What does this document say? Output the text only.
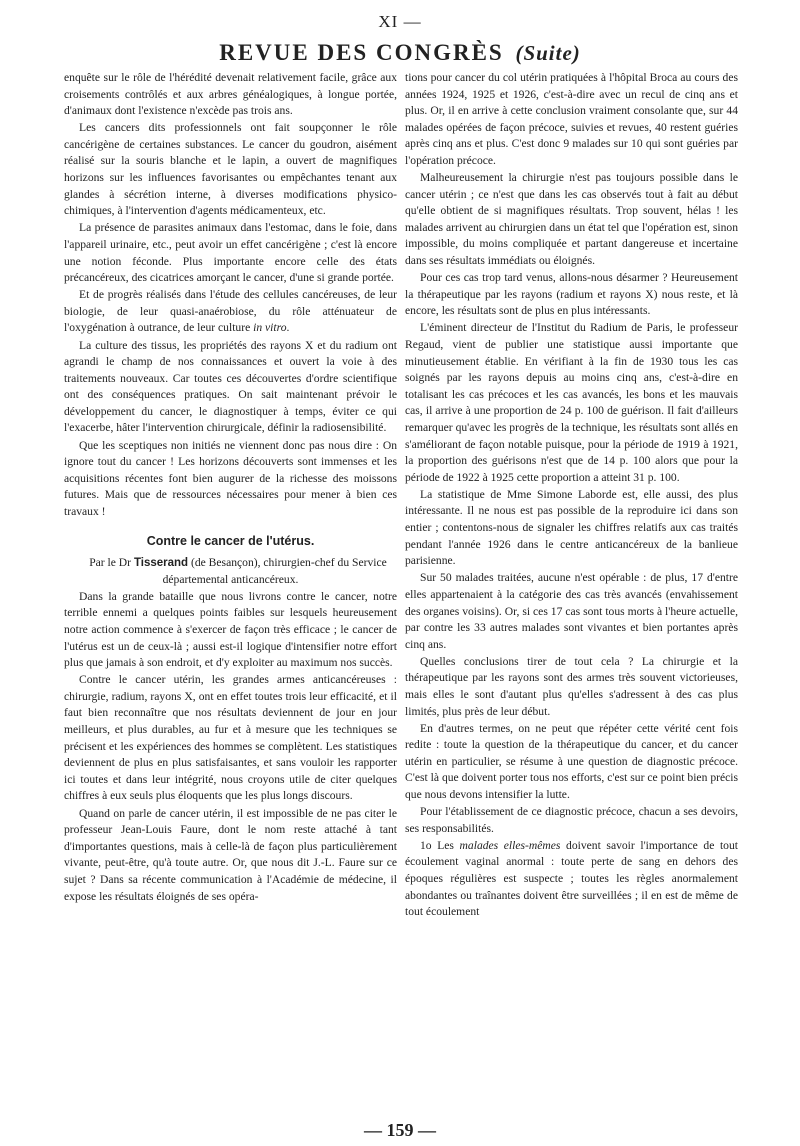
XI —
REVUE DES CONGRÈS (Suite)

enquête sur le rôle de l'hérédité devenait relativement facile, grâce aux croisements contrôlés et aux arbres généalogiques, à longue portée, d'animaux dont l'existence n'excède pas trois ans.

Les cancers dits professionnels ont fait soupçonner le rôle cancérigène de certaines substances. Le cancer du goudron, aisément réalisé sur la souris blanche et le lapin, a ouvert de magnifiques horizons sur les influences favorisantes ou empêchantes tenant aux glandes à sécrétion interne, à diverses modifications physico-chimiques, à l'intervention d'agents médicamenteux, etc.

La présence de parasites animaux dans l'estomac, dans le foie, dans l'appareil urinaire, etc., peut avoir un effet cancérigène ; c'est là encore une notion féconde. Plus importante encore celle des états précancéreux, des cicatrices amorçant le cancer, d'une si grande portée.

Et de progrès réalisés dans l'étude des cellules cancéreuses, de leur biologie, de leur quasi-anaérobiose, du rôle atténuateur de l'oxygénation à outrance, de leur culture in vitro.

La culture des tissus, les propriétés des rayons X et du radium ont agrandi le champ de nos connaissances et ouvert la voie à des traitements nouveaux. Car toutes ces découvertes d'ordre scientifique ont des conséquences pratiques. On sait maintenant prévoir le développement du cancer, le diagnostiquer à temps, éviter ce qui l'exacerbe, hâter l'intervention chirurgicale, définir la radiosensibilité.

Que les sceptiques non initiés ne viennent donc pas nous dire : On ignore tout du cancer ! Les horizons découverts sont immenses et les acquisitions récentes font bien augurer de la richesse des moissons futures. Mais que de ressources nécessaires pour mener à bien ces travaux !

Contre le cancer de l'utérus.

Par le Dr Tisserand (de Besançon), chirurgien-chef du Service départemental anticancéreux.

Dans la grande bataille que nous livrons contre le cancer, notre terrible ennemi a quelques points faibles sur lesquels heureusement notre action commence à s'exercer de façon très efficace ; le cancer de l'utérus est un de ceux-là ; aussi est-il logique d'intensifier notre effort plus que jamais à son endroit, et d'y exploiter au maximum nos succès.

Contre le cancer utérin, les grandes armes anticancéreuses : chirurgie, radium, rayons X, ont en effet toutes trois leur efficacité, et il faut bien reconnaître que nos résultats deviennent de jour en jour meilleurs, et plus durables, au fur et à mesure que les techniques se précisent et les expériences des hommes se complètent. Les statistiques deviennent de plus en plus satisfaisantes, et sans vouloir les rapporter ici toutes et dans leur intégrité, nous croyons utile de citer quelques chiffres à eux seuls plus éloquents que les plus longs discours.

Quand on parle de cancer utérin, il est impossible de ne pas citer le professeur Jean-Louis Faure, dont le nom reste attaché à tant d'importantes questions, mais à celle-là de façon plus particulièrement vivante, peut-être, qu'à toute autre. Or, que nous dit J.-L. Faure sur ce sujet ? Dans sa récente communication à l'Académie de médecine, il expose les résultats éloignés de ses opéra-

tions pour cancer du col utérin pratiquées à l'hôpital Broca au cours des années 1924, 1925 et 1926, c'est-à-dire avec un recul de cinq ans et plus. Or, il en arrive à cette conclusion vraiment consolante que, sur 44 malades opérées de façon précoce, suivies et revues, 40 restent guéries après cinq ans et plus. C'est donc 9 malades sur 10 qui sont guéries par l'opération précoce.

Malheureusement la chirurgie n'est pas toujours possible dans le cancer utérin ; ce n'est que dans les cas observés tout à fait au début qu'elle obtient de si magnifiques résultats. Trop souvent, hélas ! les malades arrivent au chirurgien dans un état tel que l'opération est, sinon impossible, du moins compliquée et partant dangereuse et incertaine dans ses résultats immédiats ou éloignés.

Pour ces cas trop tard venus, allons-nous désarmer ? Heureusement la thérapeutique par les rayons (radium et rayons X) nous reste, et là encore, les résultats sont de plus en plus intéressants.

L'éminent directeur de l'Institut du Radium de Paris, le professeur Regaud, vient de publier une statistique aussi importante que minutieusement établie. En vérifiant à la fin de 1930 tous les cas soignés par les rayons depuis au moins cinq ans, c'est-à-dire en totalisant les cas précoces et les cas avancés, les bons et les mauvais cas, il arrive à une proportion de 24 p. 100 de guérison. Il fait d'ailleurs remarquer qu'avec les progrès de la technique, les résultats sont allés en s'améliorant de façon notable puisque, pour la période de 1919 à 1921, la proportion des guérisons n'est que de 14 p. 100 alors que pour la période de 1922 à 1925 cette proportion a atteint 31 p. 100.

La statistique de Mme Simone Laborde est, elle aussi, des plus intéressante. Il ne nous est pas possible de la reproduire ici dans son entier ; contentons-nous de signaler les chiffres relatifs aux cas traités pendant l'année 1926 dans le centre anticancéreux de la banlieue parisienne.

Sur 50 malades traitées, aucune n'est opérable : de plus, 17 d'entre elles appartenaient à la catégorie des cas très avancés (envahissement des organes voisins). Or, si ces 17 cas sont tous morts à l'heure actuelle, par contre les 33 autres malades sont vivantes et bien portantes après cinq ans.

Quelles conclusions tirer de tout cela ? La chirurgie et la thérapeutique par les rayons sont des armes très souvent victorieuses, mais elles le sont d'autant plus qu'elles s'adressent à des cas plus limités, plus près de leur début.

En d'autres termes, on ne peut que répéter cette vérité cent fois redite : toute la question de la thérapeutique du cancer, et du cancer utérin en particulier, se résume à une question de diagnostic précoce. C'est là que doivent porter tous nos efforts, c'est sur ce point bien précis que nous devons intensifier la lutte.

Pour l'établissement de ce diagnostic précoce, chacun a ses devoirs, ses responsabilités.

1o Les malades elles-mêmes doivent savoir l'importance de tout écoulement vaginal anormal : toute perte de sang en dehors des époques régulières est suspecte ; toutes les règles anormalement abondantes ou traînantes doivent être surveillées ; il en est de même de tout écoulement

— 159 —
